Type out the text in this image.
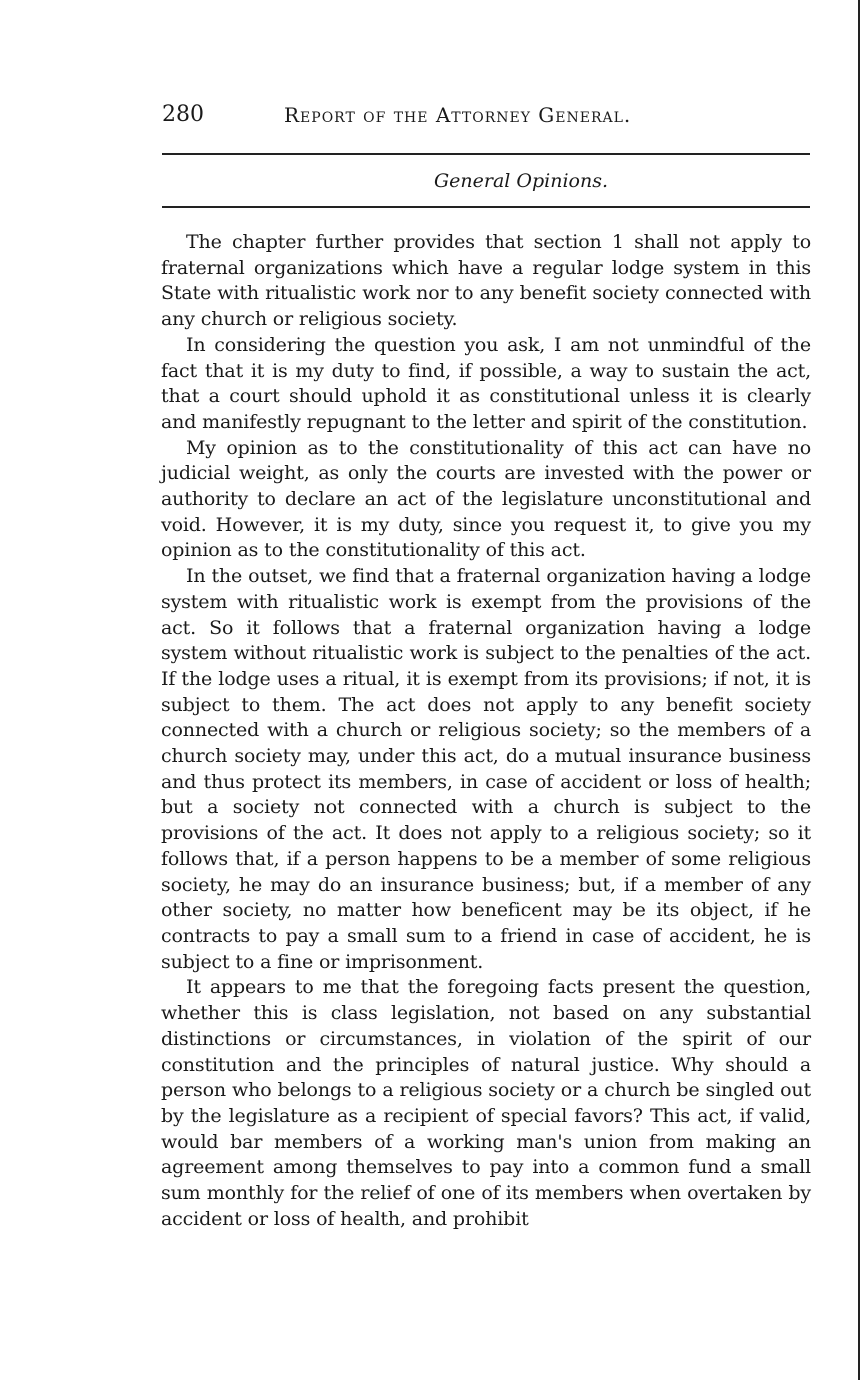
280	Report of the Attorney General.
General Opinions.

The chapter further provides that section 1 shall not apply to fraternal organizations which have a regular lodge system in this State with ritualistic work nor to any benefit society connected with any church or religious society.

In considering the question you ask, I am not unmindful of the fact that it is my duty to find, if possible, a way to sustain the act, that a court should uphold it as constitutional unless it is clearly and manifestly repugnant to the letter and spirit of the constitution.

My opinion as to the constitutionality of this act can have no judicial weight, as only the courts are invested with the power or authority to declare an act of the legislature unconstitutional and void. However, it is my duty, since you request it, to give you my opinion as to the constitutionality of this act.

In the outset, we find that a fraternal organization having a lodge system with ritualistic work is exempt from the provisions of the act. So it follows that a fraternal organization having a lodge system without ritualistic work is subject to the penalties of the act. If the lodge uses a ritual, it is exempt from its provisions; if not, it is subject to them. The act does not apply to any benefit society connected with a church or religious society; so the members of a church society may, under this act, do a mutual insurance business and thus protect its members, in case of accident or loss of health; but a society not connected with a church is subject to the provisions of the act. It does not apply to a religious society; so it follows that, if a person happens to be a member of some religious society, he may do an insurance business; but, if a member of any other society, no matter how beneficent may be its object, if he contracts to pay a small sum to a friend in case of accident, he is subject to a fine or imprisonment.

It appears to me that the foregoing facts present the question, whether this is class legislation, not based on any substantial distinctions or circumstances, in violation of the spirit of our constitution and the principles of natural justice. Why should a person who belongs to a religious society or a church be singled out by the legislature as a recipient of special favors? This act, if valid, would bar members of a working man's union from making an agreement among themselves to pay into a common fund a small sum monthly for the relief of one of its members when overtaken by accident or loss of health, and prohibit
